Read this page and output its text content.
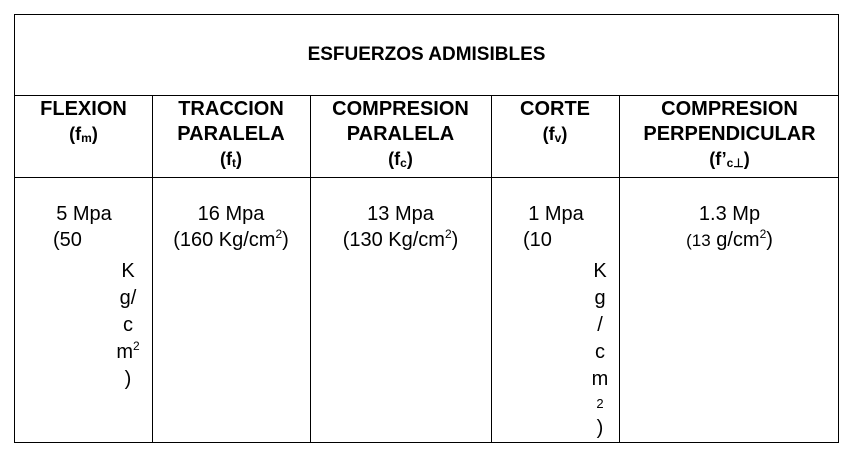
ESFUERZOS ADMISIBLES
FLEXION
$(f_m)$
TRACCION
PARALELA
$(f_t)$
COMPRESION
PARALELA
$(f_c)$
CORTE
$(f_v)$
COMPRESION
PERPENDICULAR
$(f’_{c\perp})$
5 Mpa
(50
K
g/
c
$m^2$
)
16 Mpa
(160 $Kg/cm^2$)
13 Mpa
(130 $Kg/cm^2$)
1 Mpa
(10
K
g
/
c
m
2
)
1.3 Mp
(13 $g/cm^2$)
